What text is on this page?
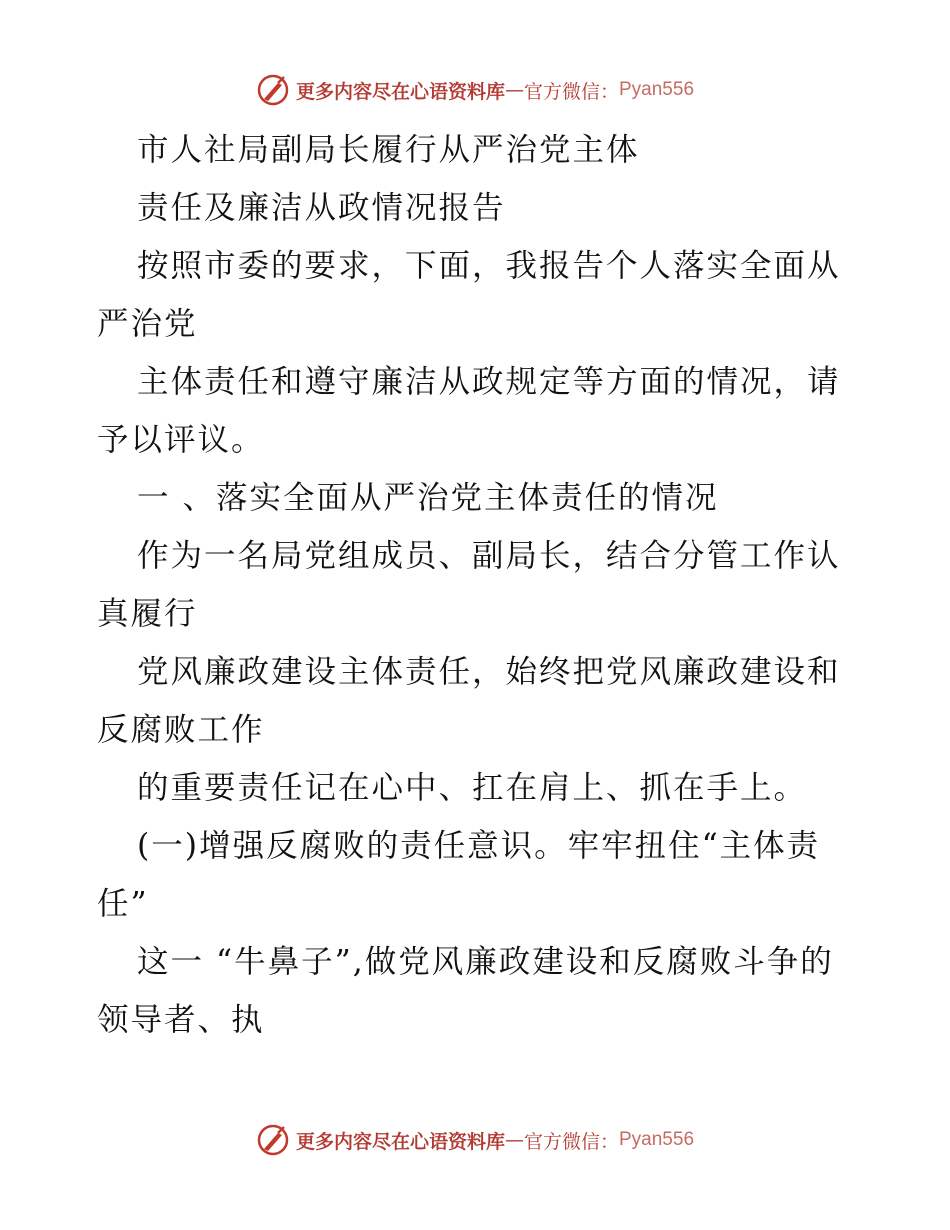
更多内容尽在心语资料库 — 官方微信： Pyan556

市人社局副局长履行从严治党主体

责任及廉洁从政情况报告

按照市委的要求，下面，我报告个人落实全面从严治党

主体责任和遵守廉洁从政规定等方面的情况，请予以评议。

一 、落实全面从严治党主体责任的情况

作为一名局党组成员、副局长，结合分管工作认真履行

党风廉政建设主体责任，始终把党风廉政建设和反腐败工作

的重要责任记在心中、扛在肩上、抓在手上。

(一)增强反腐败的责任意识。牢牢扭住“主体责任”

这一 “牛鼻子”,做党风廉政建设和反腐败斗争的领导者、执

更多内容尽在心语资料库 — 官方微信： Pyan556
